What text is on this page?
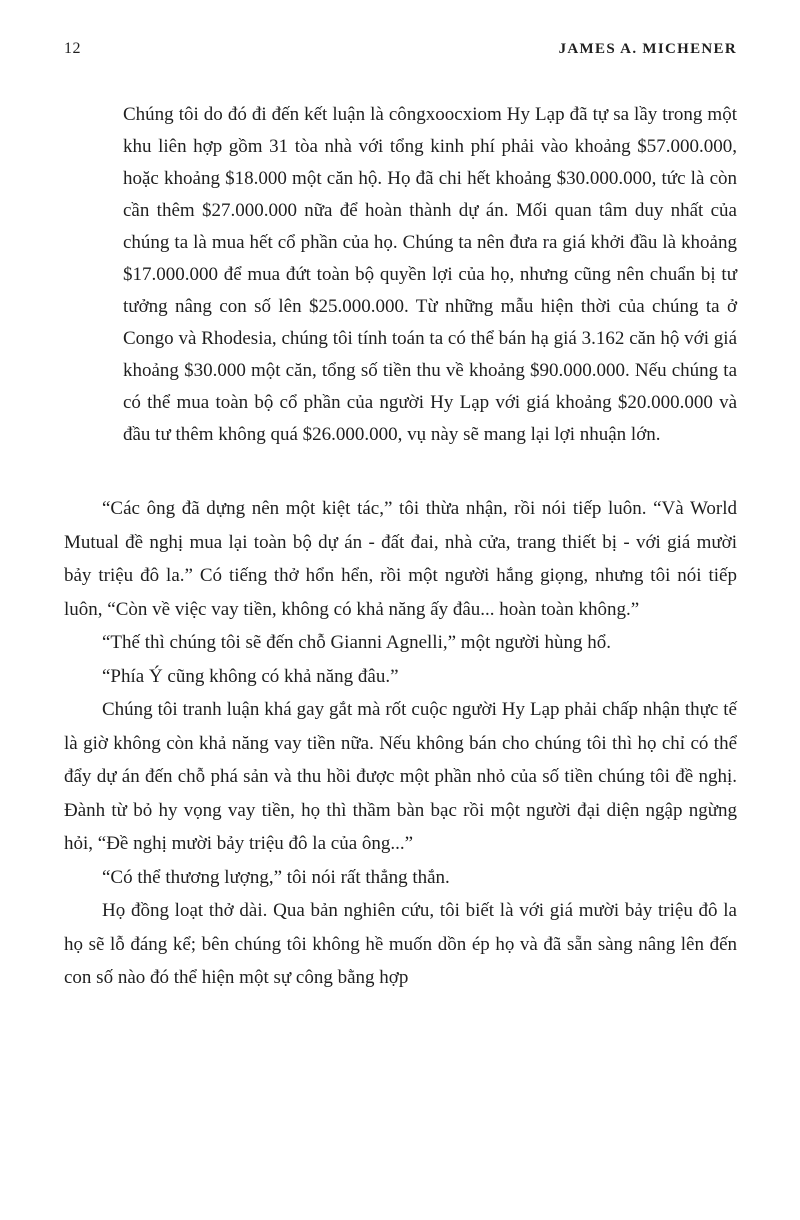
12	JAMES A. MICHENER
Chúng tôi do đó đi đến kết luận là côngxoocxiom Hy Lạp đã tự sa lầy trong một khu liên hợp gồm 31 tòa nhà với tổng kinh phí phải vào khoảng $57.000.000, hoặc khoảng $18.000 một căn hộ. Họ đã chi hết khoảng $30.000.000, tức là còn cần thêm $27.000.000 nữa để hoàn thành dự án. Mối quan tâm duy nhất của chúng ta là mua hết cổ phần của họ. Chúng ta nên đưa ra giá khởi đầu là khoảng $17.000.000 để mua đứt toàn bộ quyền lợi của họ, nhưng cũng nên chuẩn bị tư tưởng nâng con số lên $25.000.000. Từ những mẫu hiện thời của chúng ta ở Congo và Rhodesia, chúng tôi tính toán ta có thể bán hạ giá 3.162 căn hộ với giá khoảng $30.000 một căn, tổng số tiền thu về khoảng $90.000.000. Nếu chúng ta có thể mua toàn bộ cổ phần của người Hy Lạp với giá khoảng $20.000.000 và đầu tư thêm không quá $26.000.000, vụ này sẽ mang lại lợi nhuận lớn.

“Các ông đã dựng nên một kiệt tác,” tôi thừa nhận, rồi nói tiếp luôn. “Và World Mutual đề nghị mua lại toàn bộ dự án - đất đai, nhà cửa, trang thiết bị - với giá mười bảy triệu đô la.” Có tiếng thở hổn hển, rồi một người hắng giọng, nhưng tôi nói tiếp luôn, “Còn về việc vay tiền, không có khả năng ấy đâu... hoàn toàn không.”

“Thế thì chúng tôi sẽ đến chỗ Gianni Agnelli,” một người hùng hổ.

“Phía Ý cũng không có khả năng đâu.”

Chúng tôi tranh luận khá gay gắt mà rốt cuộc người Hy Lạp phải chấp nhận thực tế là giờ không còn khả năng vay tiền nữa. Nếu không bán cho chúng tôi thì họ chỉ có thể đẩy dự án đến chỗ phá sản và thu hồi được một phần nhỏ của số tiền chúng tôi đề nghị. Đành từ bỏ hy vọng vay tiền, họ thì thầm bàn bạc rồi một người đại diện ngập ngừng hỏi, “Đề nghị mười bảy triệu đô la của ông...”

“Có thể thương lượng,” tôi nói rất thẳng thắn.

Họ đồng loạt thở dài. Qua bản nghiên cứu, tôi biết là với giá mười bảy triệu đô la họ sẽ lỗ đáng kể; bên chúng tôi không hề muốn dồn ép họ và đã sẵn sàng nâng lên đến con số nào đó thể hiện một sự công bằng hợp
